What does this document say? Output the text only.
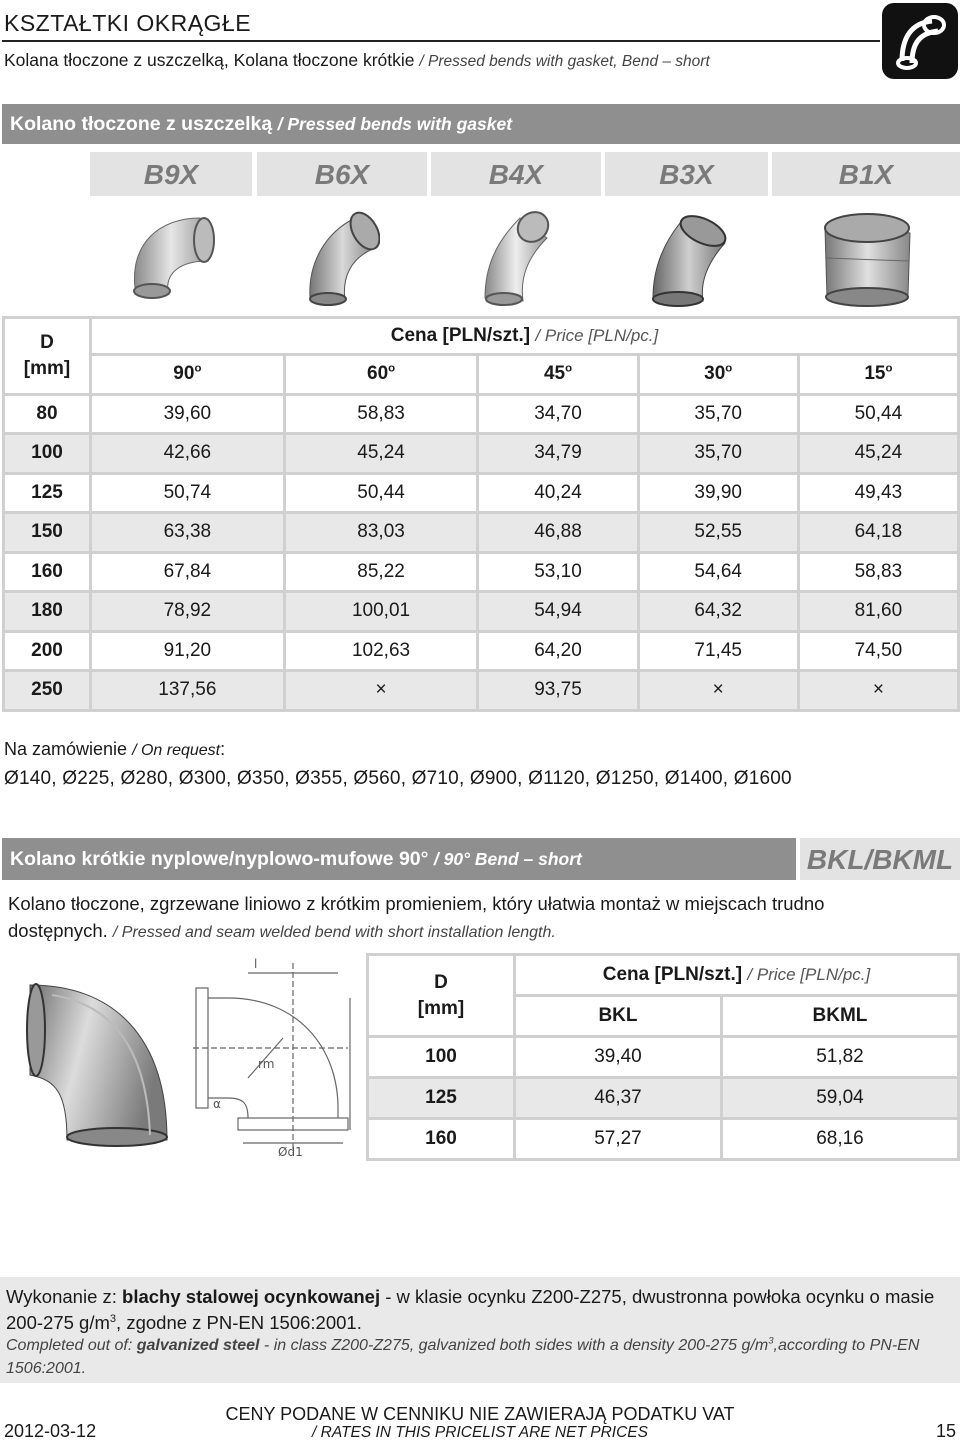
KSZTAŁTKI OKRĄGŁE
Kolana tłoczone z uszczelką, Kolana tłoczone krótkie / Pressed bends with gasket, Bend – short
Kolano tłoczone z uszczelką / Pressed bends with gasket
B9X	B6X	B4X	B3X	B1X
D
[mm]	Cena [PLN/szt.] / Price [PLN/pc.]				
	90$^o$	60$^o$	45$^o$	30$^o$	15$^o$
80	39,60	58,83	34,70	35,70	50,44
100	42,66	45,24	34,79	35,70	45,24
125	50,74	50,44	40,24	39,90	49,43
150	63,38	83,03	46,88	52,55	64,18
160	67,84	85,22	53,10	54,64	58,83
180	78,92	100,01	54,94	64,32	81,60
200	91,20	102,63	64,20	71,45	74,50
250	137,56	×	93,75	×	×
Na zamówienie / On request:
Ø140, Ø225, Ø280, Ø300, Ø350, Ø355, Ø560, Ø710, Ø900, Ø1120, Ø1250, Ø1400, Ø1600
Kolano krótkie nyplowe/nyplowo-mufowe 90° / 90° Bend – short	BKL/BKML
Kolano tłoczone, zgrzewane liniowo z krótkim promieniem, który ułatwia montaż w miejscach trudno dostępnych. / Pressed and seam welded bend with short installation length.
l
rm
α
Ød1
D
[mm]	Cena [PLN/szt.] / Price [PLN/pc.]	
	BKL	BKML
100	39,40	51,82
125	46,37	59,04
160	57,27	68,16
Wykonanie z: blachy stalowej ocynkowanej - w klasie ocynku Z200-Z275, dwustronna powłoka ocynku o masie 200-275 $g/m^3$, zgodne z PN-EN 1506:2001.
Completed out of: galvanized steel - in class Z200-Z275, galvanized both sides with a density 200-275 $g/m^3,according$ to PN-EN 1506:2001.
2012-03-12
CENY PODANE W CENNIKU NIE ZAWIERAJĄ PODATKU VAT
/ RATES IN THIS PRICELIST ARE NET PRICES	15
